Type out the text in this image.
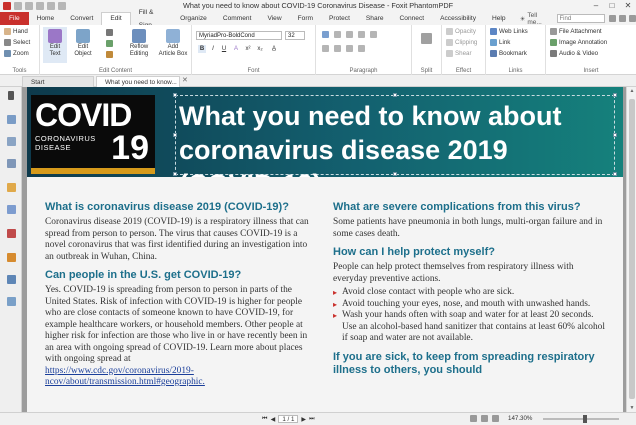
What you need to know about COVID-19 Coronavirus Disease - Foxit PhantomPDF	–	□	✕
File	Home	Convert	Edit
Fill &
Organize	Comment	View	Form	Protect	Share	Connect	Accessibility	Help	☀
Tell me...	Find
Hand
Select
Zoom
Tools
Edit
Text
Edit
Object
Reflow
Editing
Add
Article Box
Edit Content
MyriadPro-BoldCond	32
B	I	U	A	x² x₂	A̲
Font	Paragraph	Split
Opacity
Clipping
Shear
Effect
Web Links
Link
Bookmark
Links
File Attachment
Image Annotation
Audio & Video
Insert
Start	What you need to know... ✕
COVID
CORONAVIRUS
DISEASE	19
What you need to know about coronavirus disease 2019
What is coronavirus disease 2019 (COVID-19)?
Coronavirus disease 2019 (COVID-19) is a respiratory illness that can spread from person to person. The virus that causes COVID-19 is a novel coronavirus that was first identified during an investigation into an outbreak in Wuhan, China.
Can people in the U.S. get COVID-19?
Yes. COVID-19 is spreading from person to person in parts of the United States. Risk of infection with COVID-19 is higher for people who are close contacts of someone known to have COVID-19, for example healthcare workers, or household members. Other people at higher risk for infection are those who live in or have recently been in an area with ongoing spread of COVID-19. Learn more about places with ongoing spread at
https://www.cdc.gov/coronavirus/2019-ncov/about/transmission.html#geographic.
What are severe complications from this virus?
Some patients have pneumonia in both lungs, multi-organ failure and in some cases death.
How can I help protect myself?
People can help protect themselves from respiratory illness with everyday preventive actions.
▸ Avoid close contact with people who are sick.
▸ Avoid touching your eyes, nose, and mouth with unwashed hands.
▸ Wash your hands often with soap and water for at least 20 seconds. Use an alcohol-based hand sanitizer that contains at least 60% alcohol if soap and water are not available.
If you are sick, to keep from spreading respiratory illness to others, you should
▲
▼
⏮ ◀	1 / 1	▶ ⏭	147.30%
